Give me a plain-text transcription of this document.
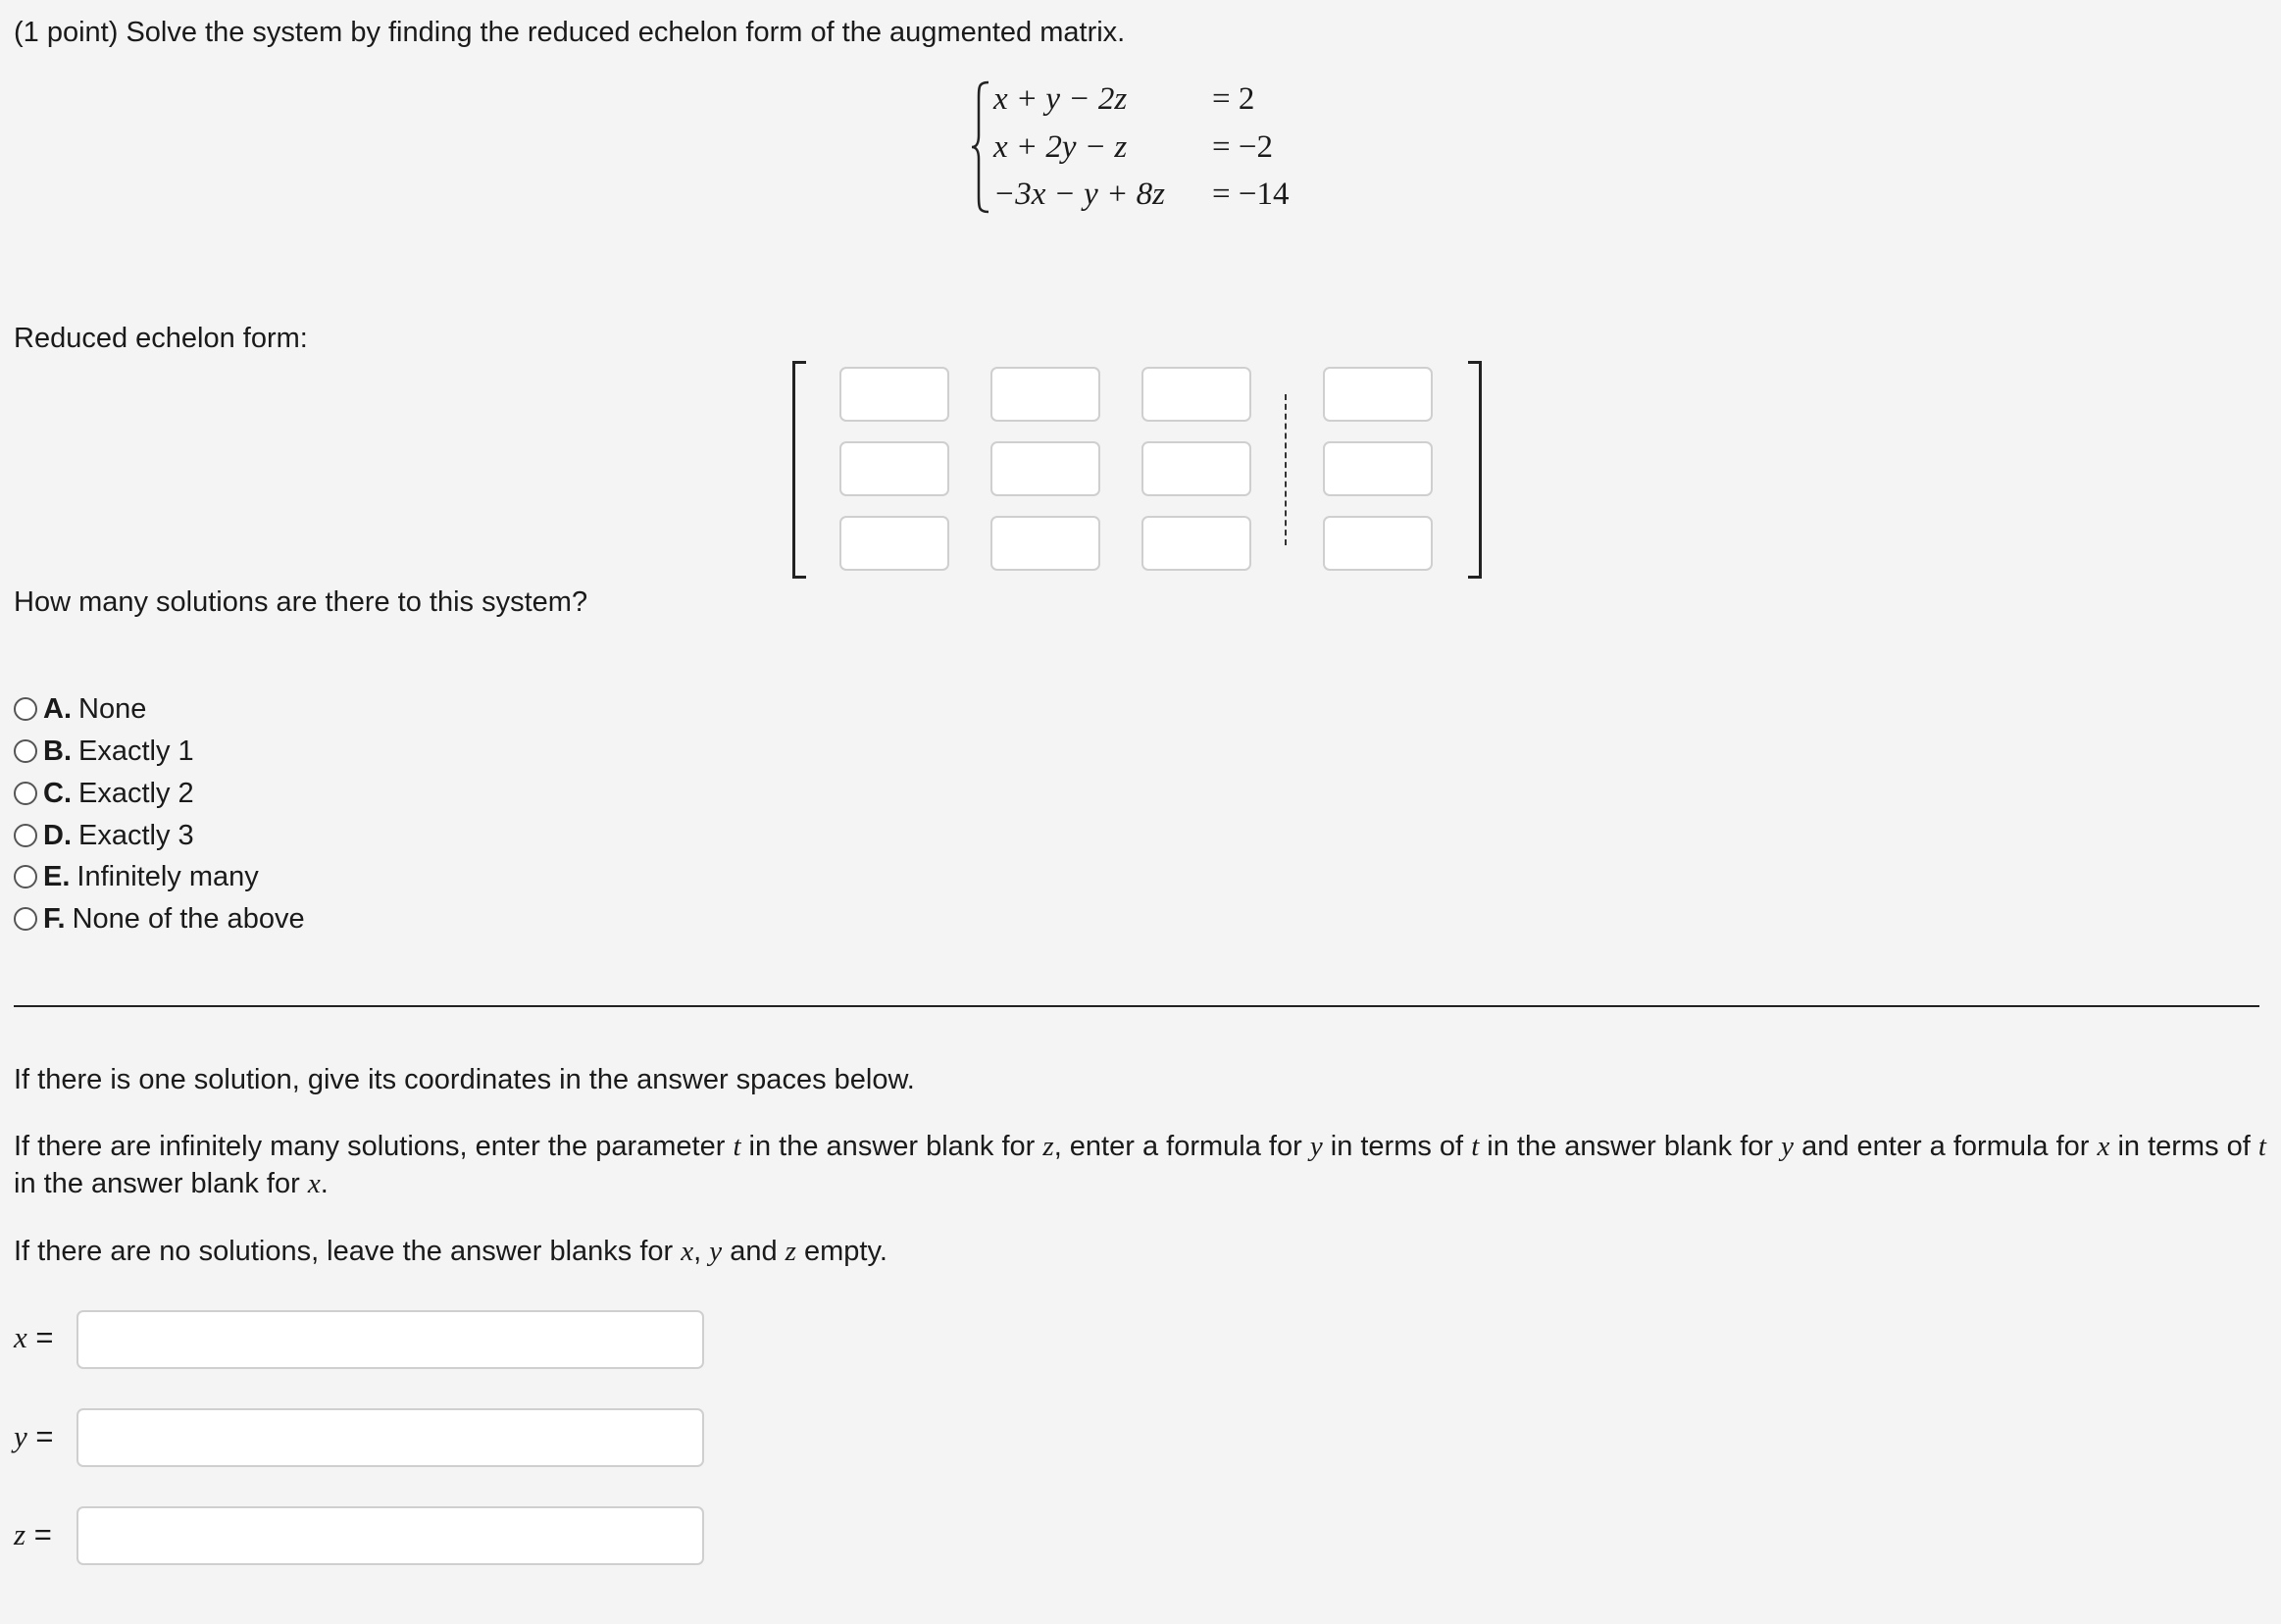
(1 point) Solve the system by finding the reduced echelon form of the augmented matrix.
x + y − 2z	= 2
x + 2y − z	= −2
−3x − y + 8z = −14
Reduced echelon form:
How many solutions are there to this system?
A. None
B. Exactly 1
C. Exactly 2
D. Exactly 3
E. Infinitely many
F. None of the above
If there is one solution, give its coordinates in the answer spaces below.
If there are infinitely many solutions, enter the parameter t in the answer blank for z, enter a formula for y in terms of t in the answer blank for y and enter a formula for x in terms of t
in the answer blank for x.
If there are no solutions, leave the answer blanks for x, y and z empty.
x =
y =
z =
